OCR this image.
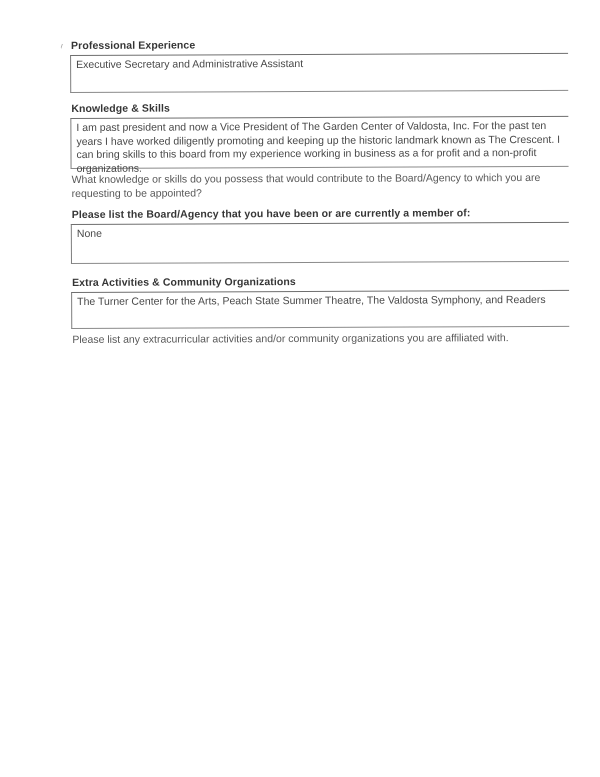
Professional Experience
Executive Secretary and Administrative Assistant
Knowledge & Skills
I am past president and now a Vice President of The Garden Center of Valdosta, Inc. For the past ten years I have worked diligently promoting and keeping up the historic landmark known as The Crescent. I can bring skills to this board from my experience working in business as a for profit and a non-profit organizations.
What knowledge or skills do you possess that would contribute to the Board/Agency to which you are requesting to be appointed?
Please list the Board/Agency that you have been or are currently a member of:
None
Extra Activities & Community Organizations
The Turner Center for the Arts, Peach State Summer Theatre, The Valdosta Symphony, and Readers
Please list any extracurricular activities and/or community organizations you are affiliated with.
